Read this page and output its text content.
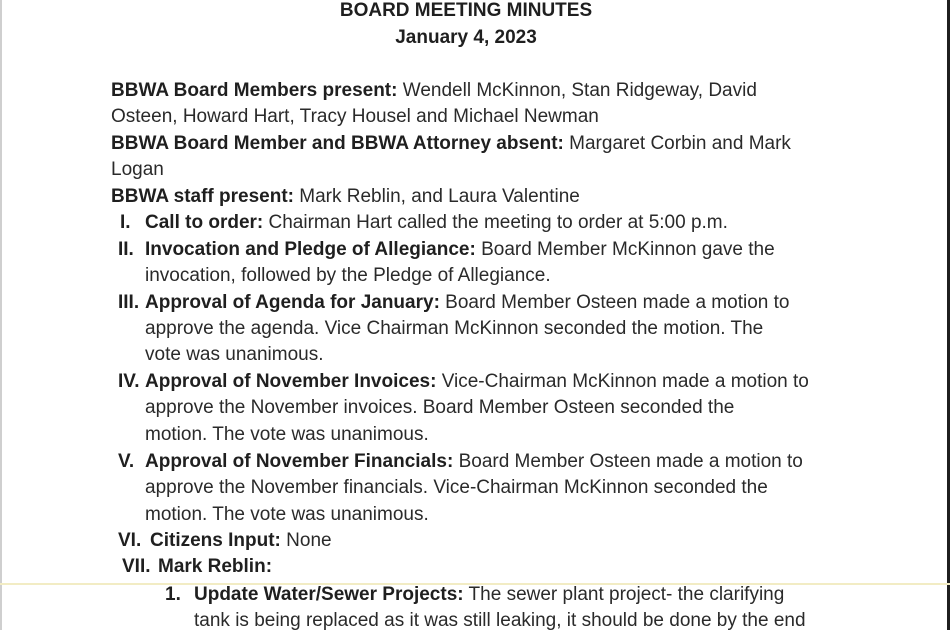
BOARD MEETING MINUTES
January 4, 2023
BBWA Board Members present: Wendell McKinnon, Stan Ridgeway, David
Osteen, Howard Hart, Tracy Housel and Michael Newman
BBWA Board Member and BBWA Attorney absent: Margaret Corbin and Mark
Logan
BBWA staff present: Mark Reblin, and Laura Valentine
I. Call to order: Chairman Hart called the meeting to order at 5:00 p.m.
II. Invocation and Pledge of Allegiance: Board Member McKinnon gave the
invocation, followed by the Pledge of Allegiance.
III. Approval of Agenda for January: Board Member Osteen made a motion to
approve the agenda. Vice Chairman McKinnon seconded the motion. The
vote was unanimous.
IV. Approval of November Invoices: Vice-Chairman McKinnon made a motion to
approve the November invoices. Board Member Osteen seconded the
motion. The vote was unanimous.
V. Approval of November Financials: Board Member Osteen made a motion to
approve the November financials. Vice-Chairman McKinnon seconded the
motion. The vote was unanimous.
VI. Citizens Input: None
VII. Mark Reblin:
1. Update Water/Sewer Projects: The sewer plant project- the clarifying
tank is being replaced as it was still leaking, it should be done by the end
